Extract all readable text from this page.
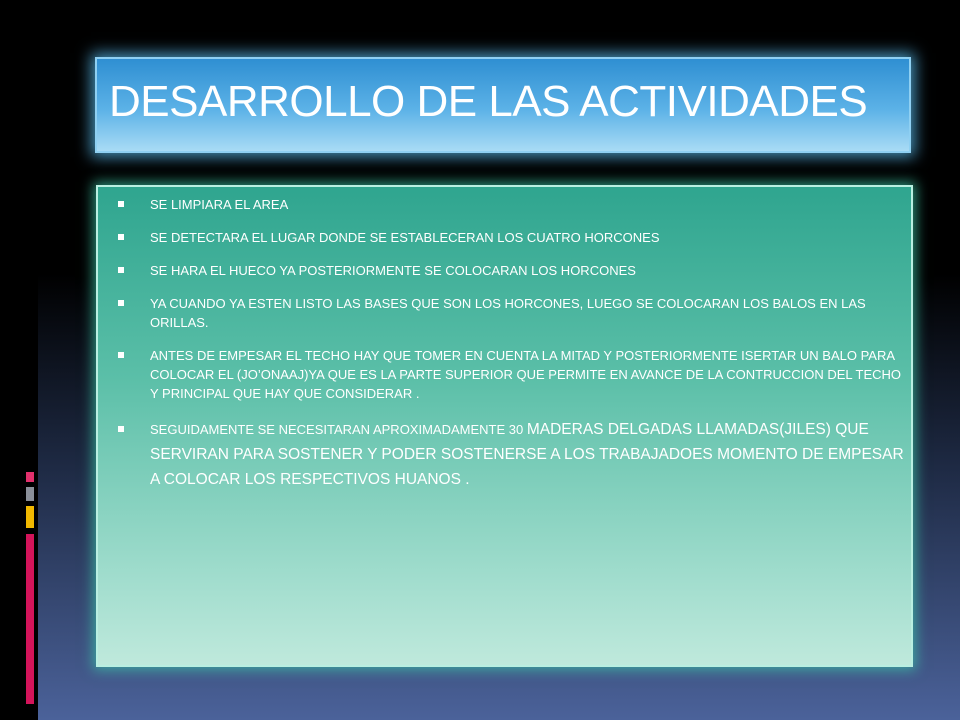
DESARROLLO DE LAS ACTIVIDADES
SE LIMPIARA EL AREA
SE DETECTARA EL LUGAR DONDE SE ESTABLECERAN LOS CUATRO HORCONES
SE HARA EL HUECO YA POSTERIORMENTE SE COLOCARAN LOS HORCONES
YA CUANDO YA ESTEN LISTO LAS BASES QUE SON LOS HORCONES, LUEGO SE COLOCARAN LOS BALOS EN LAS ORILLAS.
ANTES DE EMPESAR EL TECHO HAY QUE TOMER EN CUENTA LA MITAD Y POSTERIORMENTE ISERTAR UN BALO PARA COLOCAR EL (JO’ONAAJ)YA QUE ES LA PARTE SUPERIOR QUE PERMITE EN AVANCE DE LA CONTRUCCION DEL TECHO Y PRINCIPAL QUE HAY QUE CONSIDERAR .
SEGUIDAMENTE SE NECESITARAN APROXIMADAMENTE 30 MADERAS DELGADAS LLAMADAS(JILES) QUE SERVIRAN PARA SOSTENER Y PODER SOSTENERSE A LOS TRABAJADOES MOMENTO DE EMPESAR A COLOCAR LOS RESPECTIVOS HUANOS .
